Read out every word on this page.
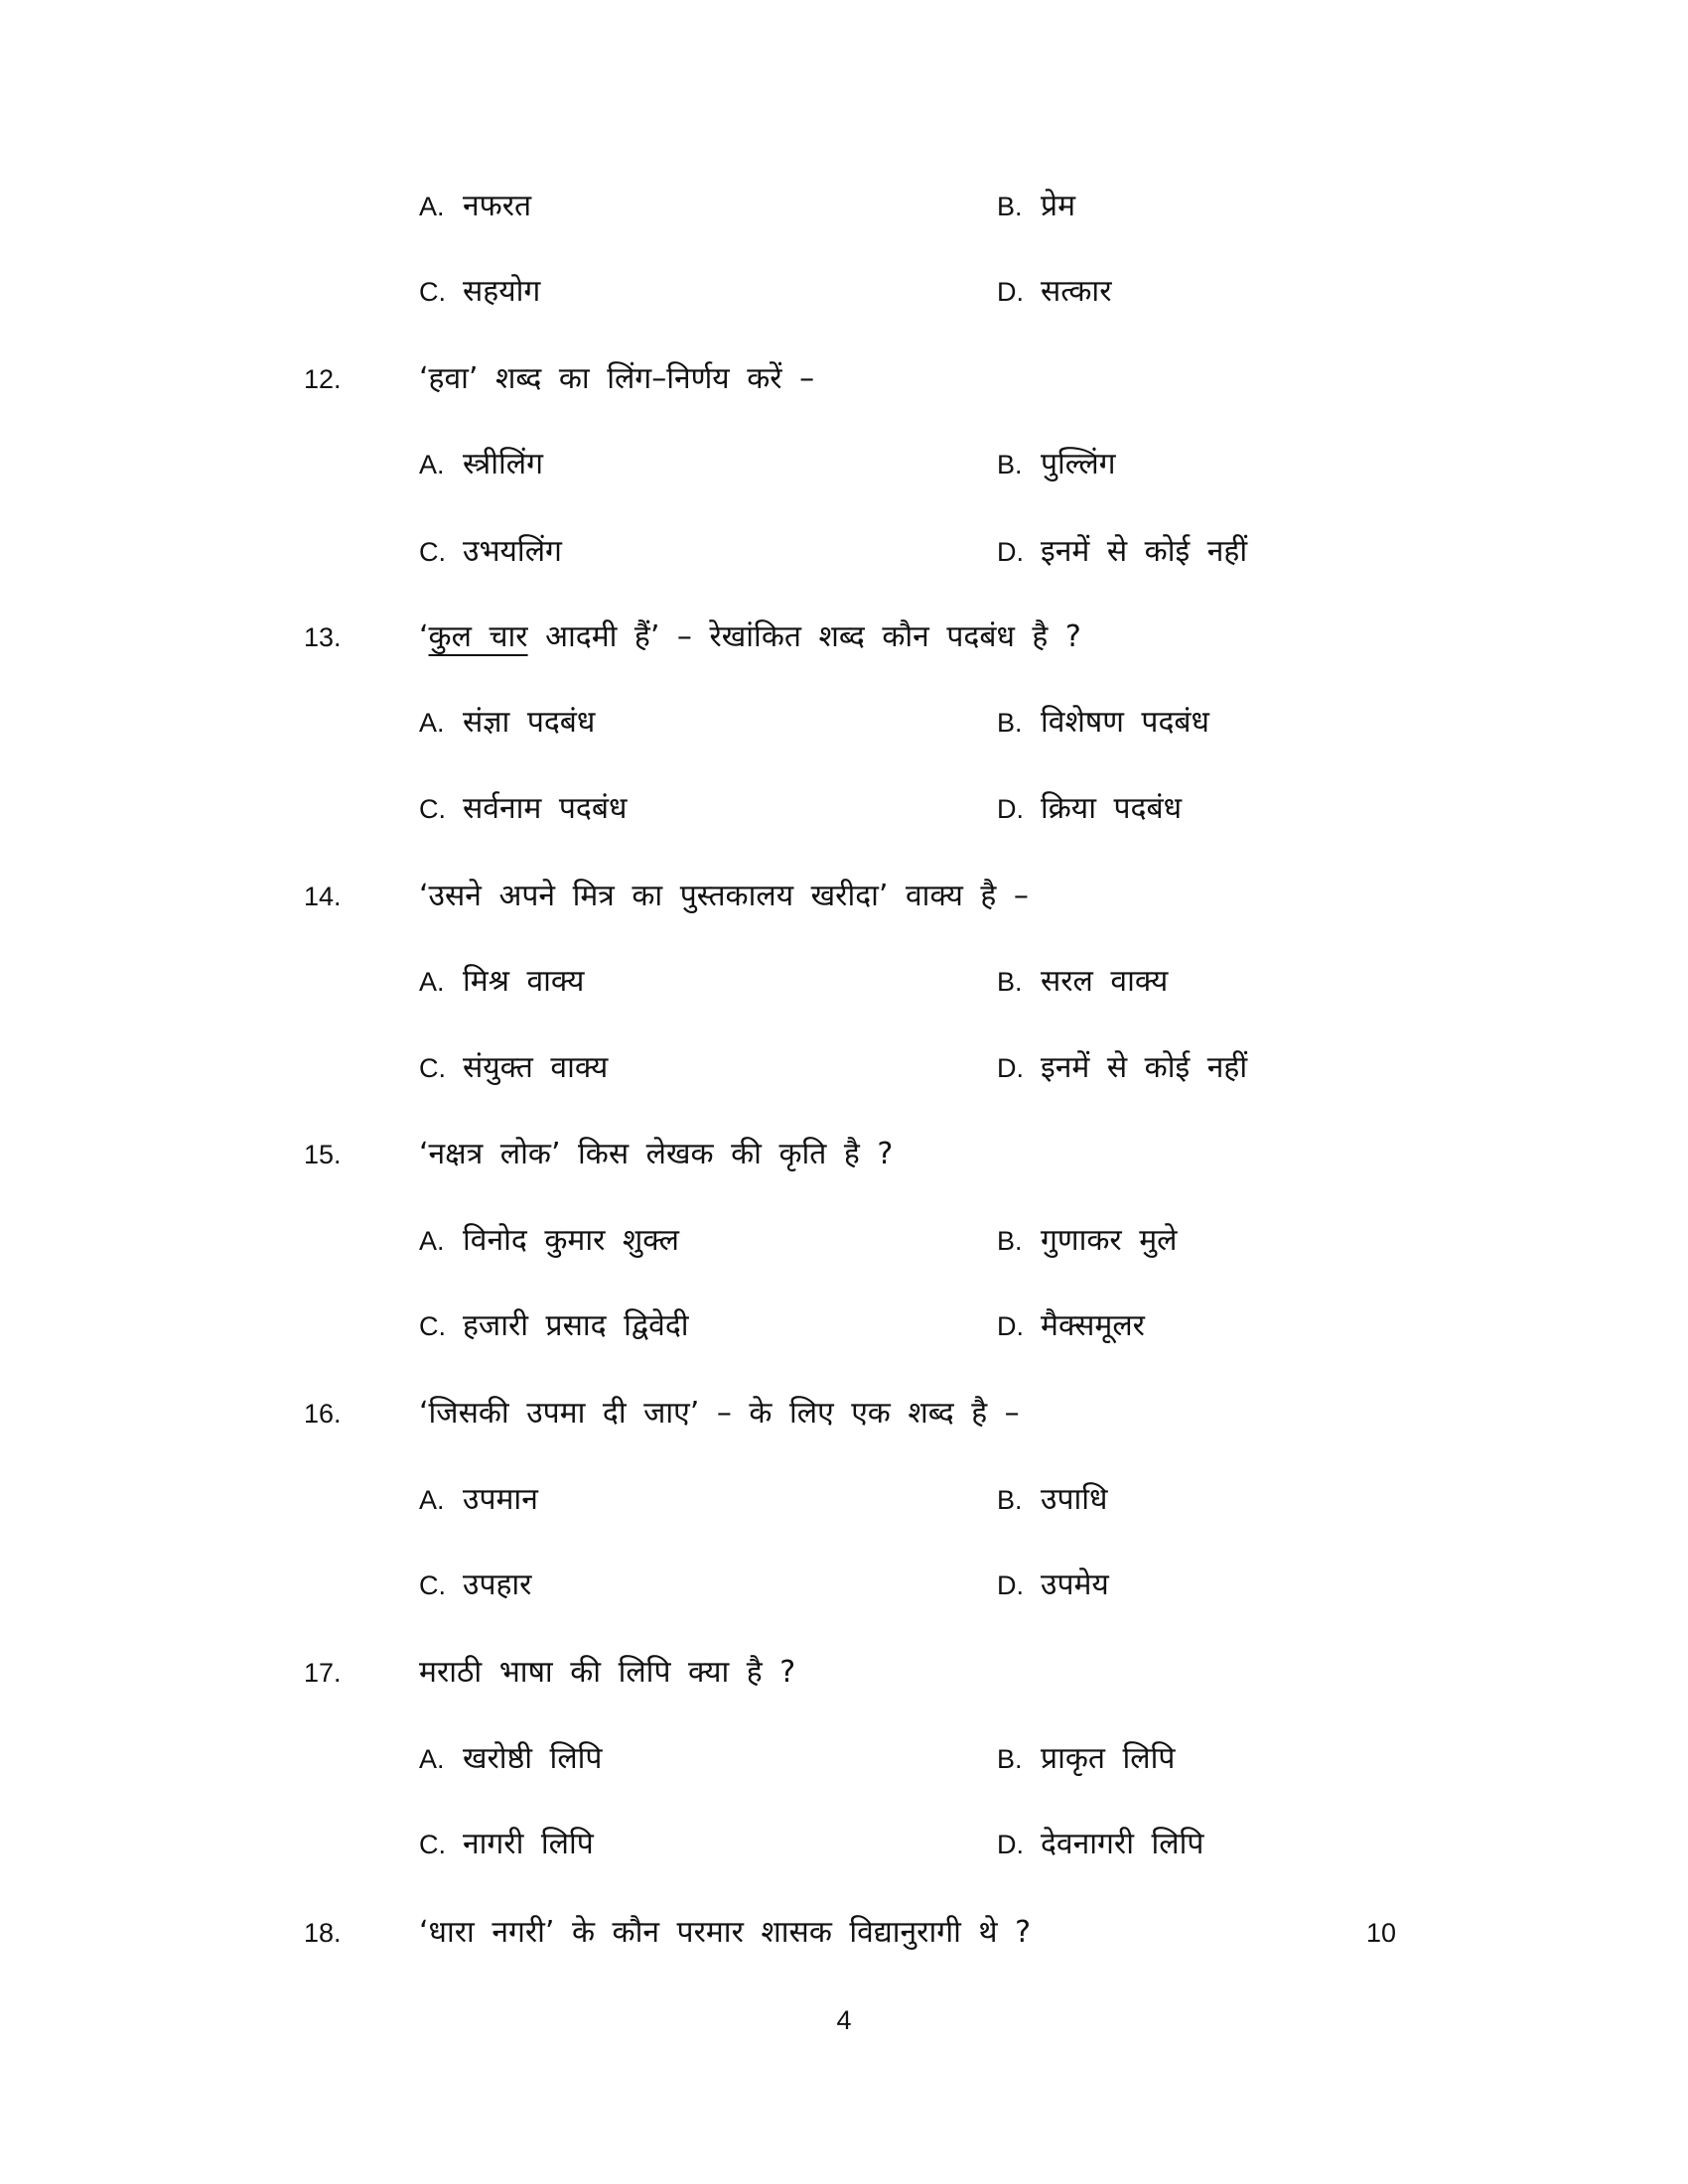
A. नफरत	B. प्रेम
C. सहयोग	D. सत्कार
12.	‘हवा’ शब्द का लिंग–निर्णय करें –
A. स्त्रीलिंग	B. पुल्लिंग
C. उभयलिंग	D. इनमें से कोई नहीं
13.	‘कुल चार आदमी हैं’ – रेखांकित शब्द कौन पदबंध है ?
A. संज्ञा पदबंध	B. विशेषण पदबंध
C. सर्वनाम पदबंध	D. क्रिया पदबंध
14.	‘उसने अपने मित्र का पुस्तकालय खरीदा’ वाक्य है –
A. मिश्र वाक्य	B. सरल वाक्य
C. संयुक्त वाक्य	D. इनमें से कोई नहीं
15.	‘नक्षत्र लोक’ किस लेखक की कृति है ?
A. विनोद कुमार शुक्ल	B. गुणाकर मुले
C. हजारी प्रसाद द्विवेदी	D. मैक्समूलर
16.	‘जिसकी उपमा दी जाए’ – के लिए एक शब्द है –
A. उपमान	B. उपाधि
C. उपहार	D. उपमेय
17.	मराठी भाषा की लिपि क्या है ?
A. खरोष्ठी लिपि	B. प्राकृत लिपि
C. नागरी लिपि	D. देवनागरी लिपि
18.	‘धारा नगरी’ के कौन परमार शासक विद्यानुरागी थे ?	10
4
